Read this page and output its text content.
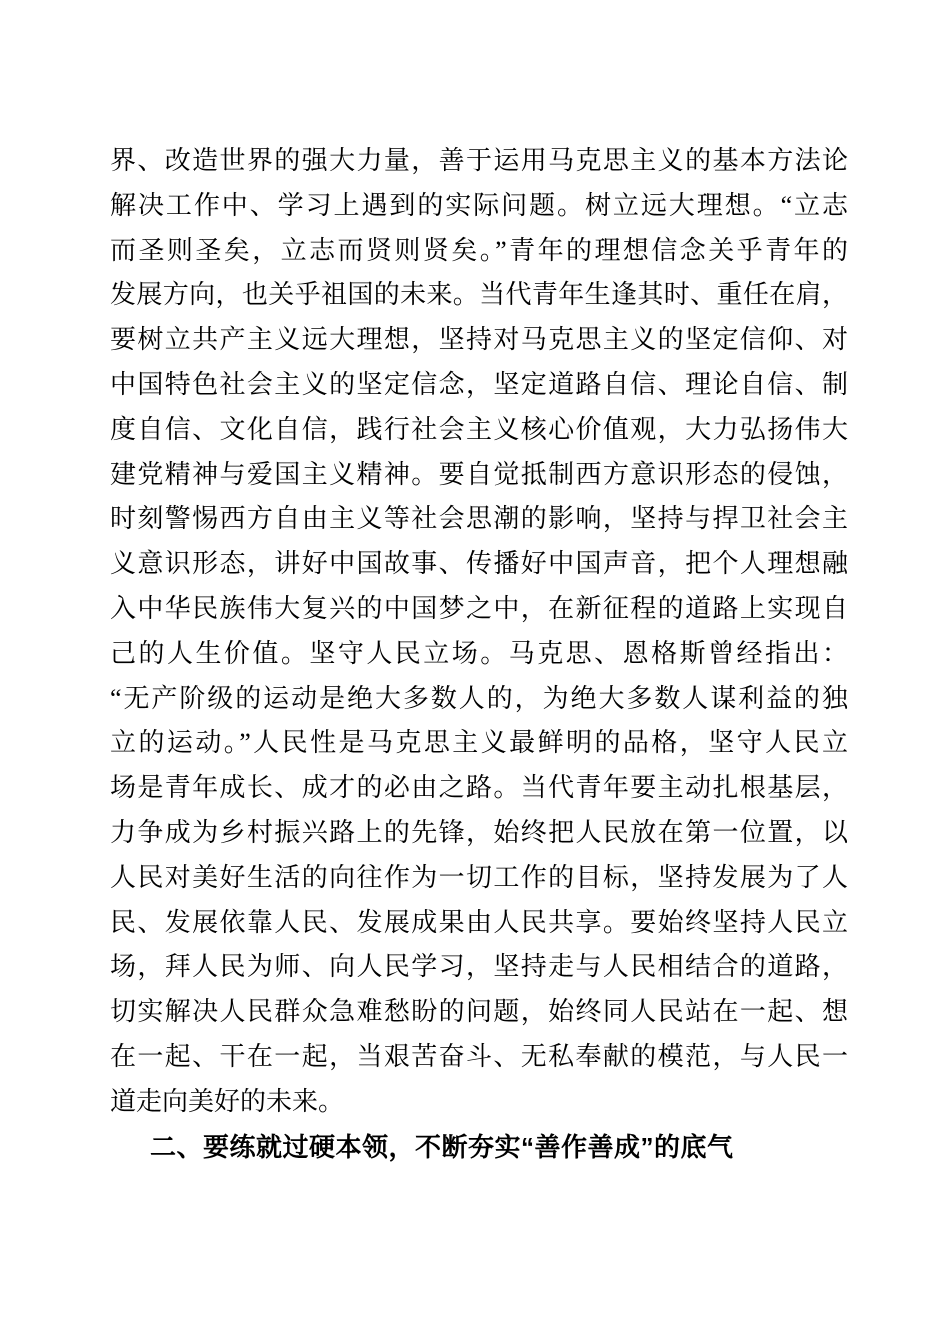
界、改造世界的强大力量，善于运用马克思主义的基本方法论
解决工作中、学习上遇到的实际问题。树立远大理想。“立志
而圣则圣矣，立志而贤则贤矣。”青年的理想信念关乎青年的
发展方向，也关乎祖国的未来。当代青年生逢其时、重任在肩，
要树立共产主义远大理想，坚持对马克思主义的坚定信仰、对
中国特色社会主义的坚定信念，坚定道路自信、理论自信、制
度自信、文化自信，践行社会主义核心价值观，大力弘扬伟大
建党精神与爱国主义精神。要自觉抵制西方意识形态的侵蚀，
时刻警惕西方自由主义等社会思潮的影响，坚持与捍卫社会主
义意识形态，讲好中国故事、传播好中国声音，把个人理想融
入中华民族伟大复兴的中国梦之中，在新征程的道路上实现自
己的人生价值。坚守人民立场。马克思、恩格斯曾经指出：
“无产阶级的运动是绝大多数人的，为绝大多数人谋利益的独
立的运动。”人民性是马克思主义最鲜明的品格，坚守人民立
场是青年成长、成才的必由之路。当代青年要主动扎根基层，
力争成为乡村振兴路上的先锋，始终把人民放在第一位置，以
人民对美好生活的向往作为一切工作的目标，坚持发展为了人
民、发展依靠人民、发展成果由人民共享。要始终坚持人民立
场，拜人民为师、向人民学习，坚持走与人民相结合的道路，
切实解决人民群众急难愁盼的问题，始终同人民站在一起、想
在一起、干在一起，当艰苦奋斗、无私奉献的模范，与人民一
道走向美好的未来。
二、要练就过硬本领，不断夯实“善作善成”的底气
